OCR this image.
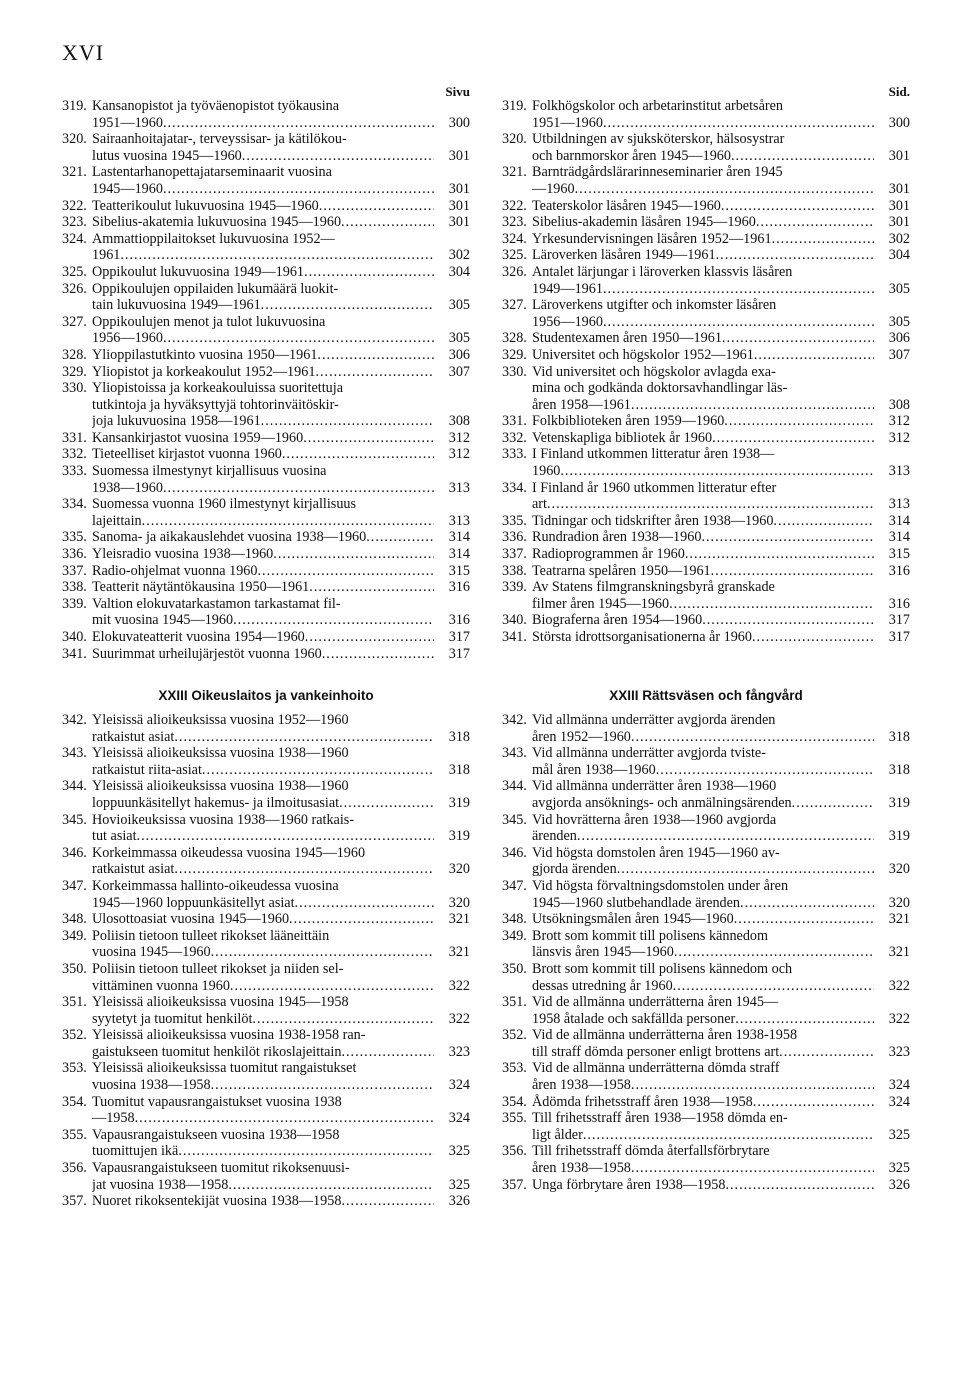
XVI
Sivu
319. Kansanopistot ja työväenopistot työkausina
1951—1960 .....	300
320. Sairaanhoitajatar-, terveyssisar- ja kätilökou-
lutus vuosina 1945—1960 .....	301
321. Lastentarhanopettajatarseminaarit vuosina
1945—1960 .....	301
322. Teatterikoulut lukuvuosina 1945—1960 .....	301
323. Sibelius-akatemia lukuvuosina 1945—1960 .....	301
324. Ammattioppilaitokset lukuvuosina 1952—
1961 .....	302
325. Oppikoulut lukuvuosina 1949—1961 .....	304
326. Oppikoulujen oppilaiden lukumäärä luokit-
tain lukuvuosina 1949—1961 .....	305
327. Oppikoulujen menot ja tulot lukuvuosina
1956—1960 .....	305
328. Ylioppilastutkinto vuosina 1950—1961 .....	306
329. Yliopistot ja korkeakoulut 1952—1961 .....	307
330. Yliopistoissa ja korkeakouluissa suoritettuja
tutkintoja ja hyväksyttyjä tohtorinväitöskir-
joja lukuvuosina 1958—1961 .....	308
331. Kansankirjastot vuosina 1959—1960 .....	312
332. Tieteelliset kirjastot vuonna 1960 .....	312
333. Suomessa ilmestynyt kirjallisuus vuosina
1938—1960 .....	313
334. Suomessa vuonna 1960 ilmestynyt kirjallisuus
lajeittain .....	313
335. Sanoma- ja aikakauslehdet vuosina 1938—1960 .....	314
336. Yleisradio vuosina 1938—1960 .....	314
337. Radio-ohjelmat vuonna 1960 .....	315
338. Teatterit näytäntökausina 1950—1961 .....	316
339. Valtion elokuvatarkastamon tarkastamat fil-
mit vuosina 1945—1960 .....	316
340. Elokuvateatterit vuosina 1954—1960 .....	317
341. Suurimmat urheilujärjestöt vuonna 1960 .....	317
XXIII Oikeuslaitos ja vankeinhoito
342. Yleisissä alioikeuksissa vuosina 1952—1960
ratkaistut asiat .....	318
343. Yleisissä alioikeuksissa vuosina 1938—1960
ratkaistut riita-asiat .....	318
344. Yleisissä alioikeuksissa vuosina 1938—1960
loppuunkäsitellyt hakemus- ja ilmoitusasiat .....	319
345. Hovioikeuksissa vuosina 1938—1960 ratkais-
tut asiat .....	319
346. Korkeimmassa oikeudessa vuosina 1945—1960
ratkaistut asiat .....	320
347. Korkeimmassa hallinto-oikeudessa vuosina
1945—1960 loppuunkäsitellyt asiat .....	320
348. Ulosottoasiat vuosina 1945—1960 .....	321
349. Poliisin tietoon tulleet rikokset lääneittäin
vuosina 1945—1960 .....	321
350. Poliisin tietoon tulleet rikokset ja niiden sel-
vittäminen vuonna 1960 .....	322
351. Yleisissä alioikeuksissa vuosina 1945—1958
syytetyt ja tuomitut henkilöt .....	322
352. Yleisissä alioikeuksissa vuosina 1938-1958 ran-
gaistukseen tuomitut henkilöt rikoslajeittain .....	323
353. Yleisissä alioikeuksissa tuomitut rangaistukset
vuosina 1938—1958 .....	324
354. Tuomitut vapausrangaistukset vuosina 1938
—1958 .....	324
355. Vapausrangaistukseen vuosina 1938—1958
tuomittujen ikä .....	325
356. Vapausrangaistukseen tuomitut rikoksenuusi-
jat vuosina 1938—1958 .....	325
357. Nuoret rikoksentekijät vuosina 1938—1958 .....	326
Sid.
319. Folkhögskolor och arbetarinstitut arbetsåren
1951—1960 .....	300
320. Utbildningen av sjuksköterskor, hälsosystrar
och barnmorskor åren 1945—1960 .....	301
321. Barnträdgårdslärarinneseminarier åren 1945
—1960 .....	301
322. Teaterskolor läsåren 1945—1960 .....	301
323. Sibelius-akademin läsåren 1945—1960 .....	301
324. Yrkesundervisningen läsåren 1952—1961 .....	302
325. Läroverken läsåren 1949—1961 .....	304
326. Antalet lärjungar i läroverken klassvis läsåren
1949—1961 .....	305
327. Läroverkens utgifter och inkomster läsåren
1956—1960 .....	305
328. Studentexamen åren 1950—1961 .....	306
329. Universitet och högskolor 1952—1961 .....	307
330. Vid universitet och högskolor avlagda exa-
mina och godkända doktorsavhandlingar läs-
åren 1958—1961 .....	308
331. Folkbiblioteken åren 1959—1960 .....	312
332. Vetenskapliga bibliotek år 1960 .....	312
333. I Finland utkommen litteratur åren 1938—
1960 .....	313
334. I Finland år 1960 utkommen litteratur efter
art .....	313
335. Tidningar och tidskrifter åren 1938—1960 .....	314
336. Rundradion åren 1938—1960 .....	314
337. Radioprogrammen år 1960 .....	315
338. Teatrarna spelåren 1950—1961 .....	316
339. Av Statens filmgranskningsbyrå granskade
filmer åren 1945—1960 .....	316
340. Biograferna åren 1954—1960 .....	317
341. Största idrottsorganisationerna år 1960 .....	317
XXIII Rättsväsen och fångvård
342. Vid allmänna underrätter avgjorda ärenden
åren 1952—1960 .....	318
343. Vid allmänna underrätter avgjorda tviste-
mål åren 1938—1960 .....	318
344. Vid allmänna underrätter åren 1938—1960
avgjorda ansöknings- och anmälningsärenden .....	319
345. Vid hovrätterna åren 1938—1960 avgjorda
ärenden .....	319
346. Vid högsta domstolen åren 1945—1960 av-
gjorda ärenden .....	320
347. Vid högsta förvaltningsdomstolen under åren
1945—1960 slutbehandlade ärenden .....	320
348. Utsökningsmålen åren 1945—1960 .....	321
349. Brott som kommit till polisens kännedom
länsvis åren 1945—1960 .....	321
350. Brott som kommit till polisens kännedom och
dessas utredning år 1960 .....	322
351. Vid de allmänna underrätterna åren 1945—
1958 åtalade och sakfällda personer .....	322
352. Vid de allmänna underrätterna åren 1938-1958
till straff dömda personer enligt brottens art .....	323
353. Vid de allmänna underrätterna dömda straff
åren 1938—1958 .....	324
354. Ådömda frihetsstraff åren 1938—1958 .....	324
355. Till frihetsstraff åren 1938—1958 dömda en-
ligt ålder .....	325
356. Till frihetsstraff dömda återfallsförbrytare
åren 1938—1958 .....	325
357. Unga förbrytare åren 1938—1958 .....	326
